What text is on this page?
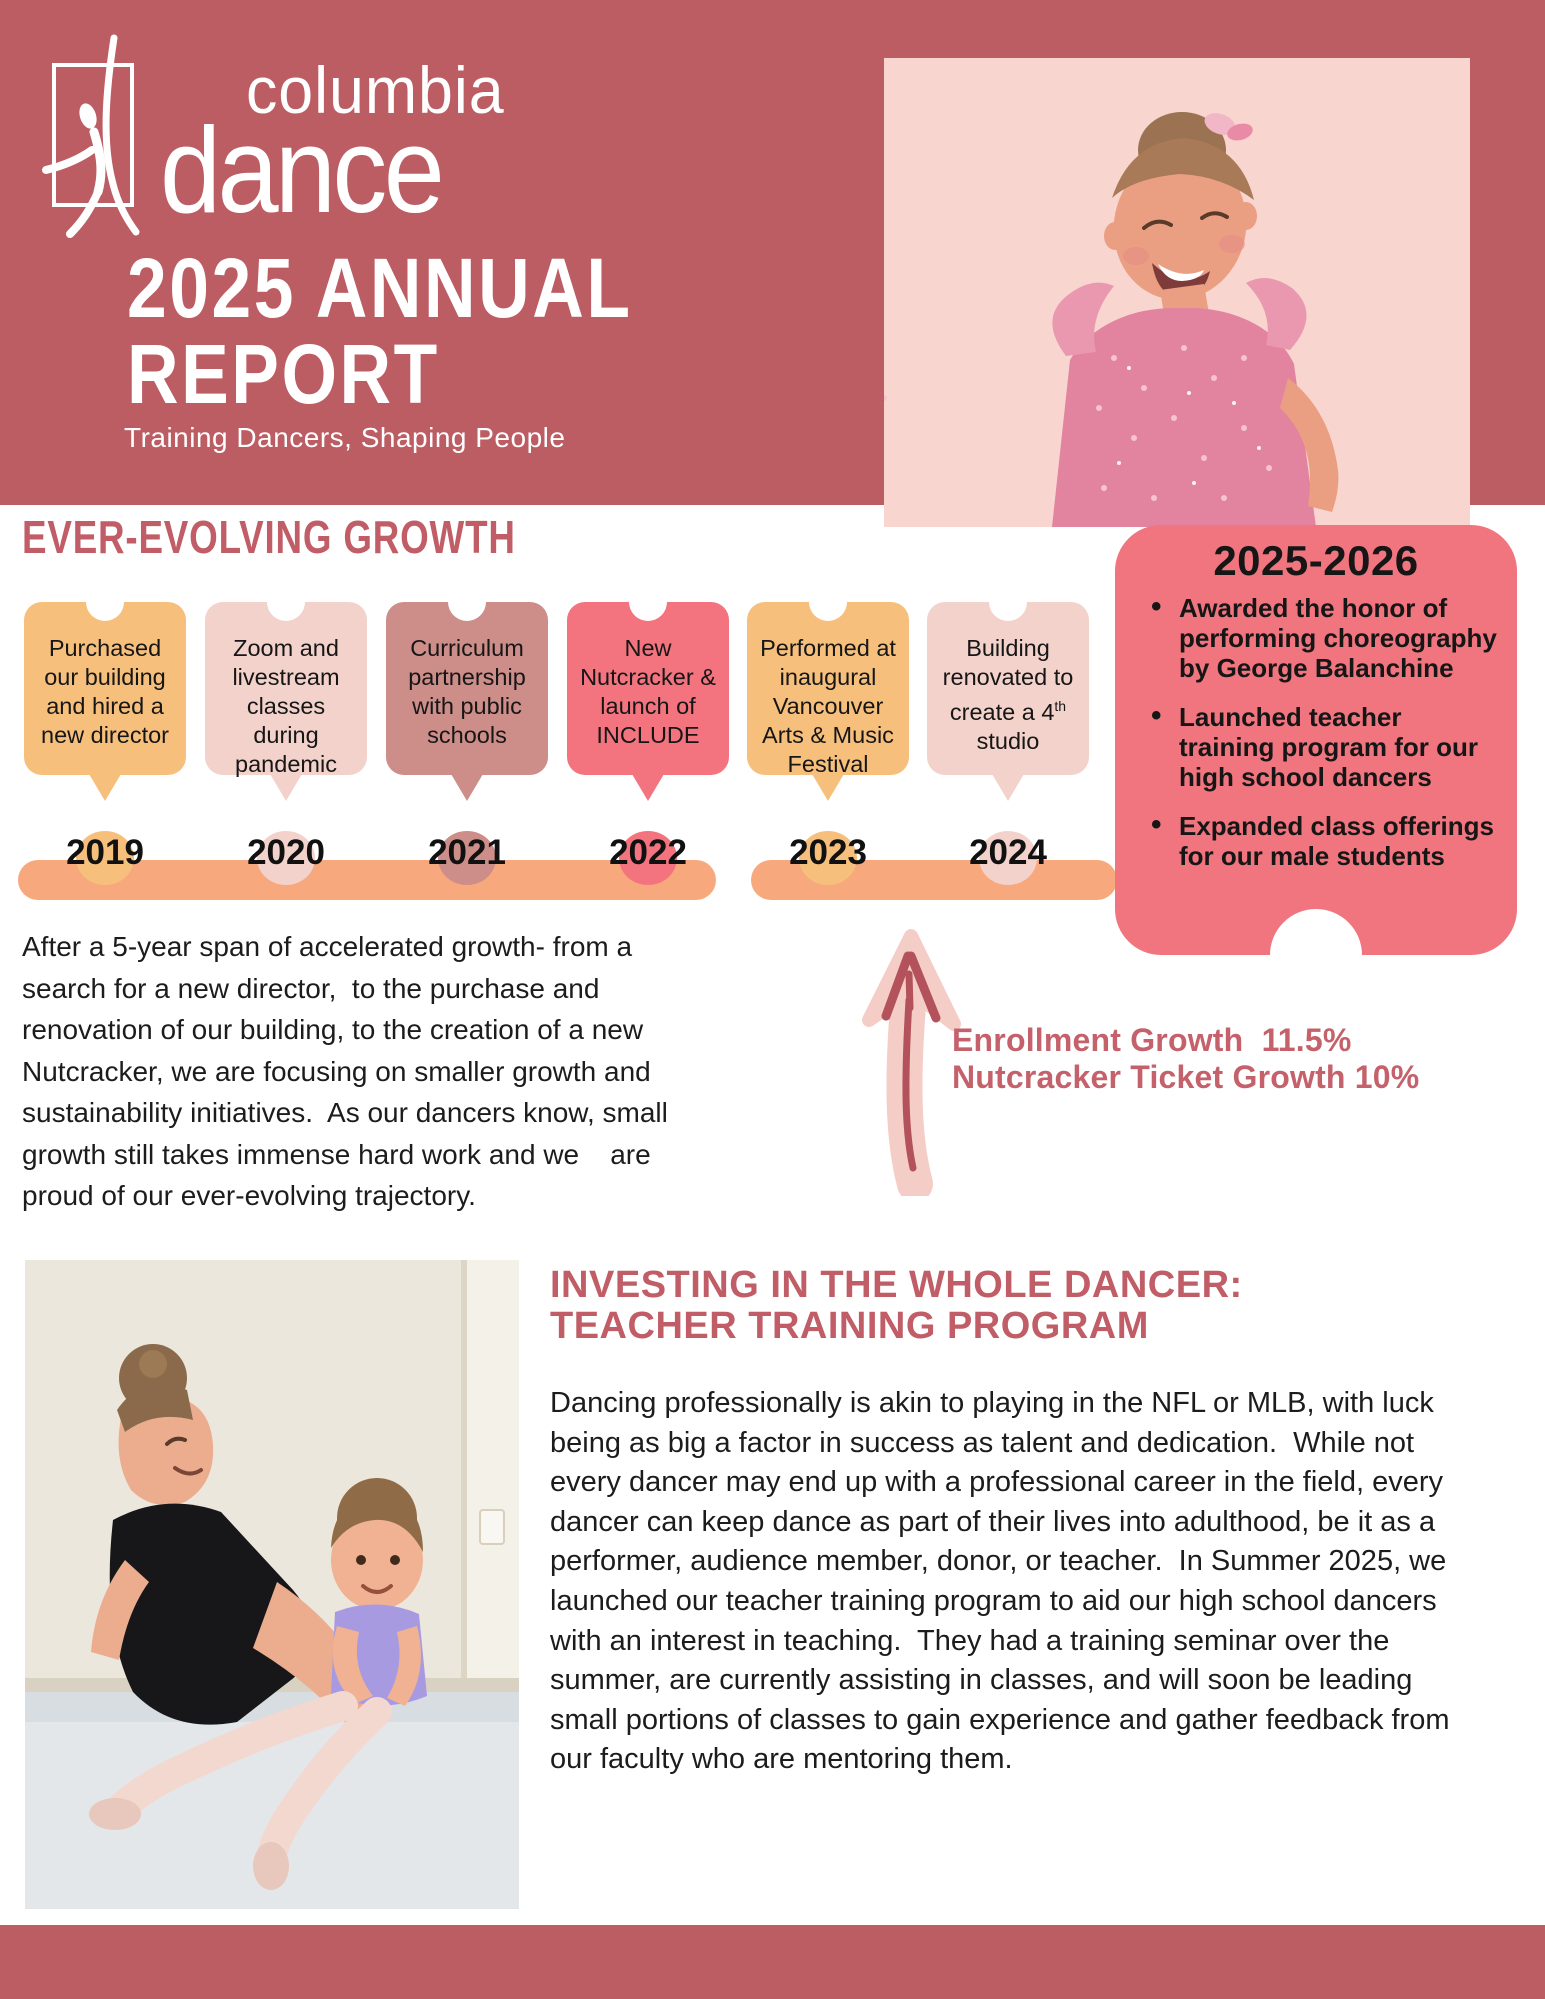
columbia
dance
2025 ANNUAL
REPORT
Training Dancers, Shaping People
EVER-EVOLVING GROWTH
Purchased our building and hired a new director
Zoom and livestream classes during pandemic
Curriculum partnership with public schools
New Nutcracker & launch of INCLUDE
Performed at inaugural Vancouver Arts & Music Festival
Building renovated to create a 4th studio
2019	2020	2021	2022	2023	2024

After a 5-year span of accelerated growth- from a search for a new director,  to the purchase and renovation of our building, to the creation of a new Nutcracker, we are focusing on smaller growth and sustainability initiatives.  As our dancers know, small growth still takes immense hard work and we    are proud of our ever-evolving trajectory.

Enrollment Growth  11.5%
Nutcracker Ticket Growth 10%
2025-2026
• Awarded the honor of performing choreography by George Balanchine
• Launched teacher training program for our high school dancers
• Expanded class offerings for our male students
INVESTING IN THE WHOLE DANCER:
TEACHER TRAINING PROGRAM

Dancing professionally is akin to playing in the NFL or MLB, with luck being as big a factor in success as talent and dedication.  While not every dancer may end up with a professional career in the field, every dancer can keep dance as part of their lives into adulthood, be it as a performer, audience member, donor, or teacher.  In Summer 2025, we launched our teacher training program to aid our high school dancers with an interest in teaching.  They had a training seminar over the summer, are currently assisting in classes, and will soon be leading small portions of classes to gain experience and gather feedback from our faculty who are mentoring them.
